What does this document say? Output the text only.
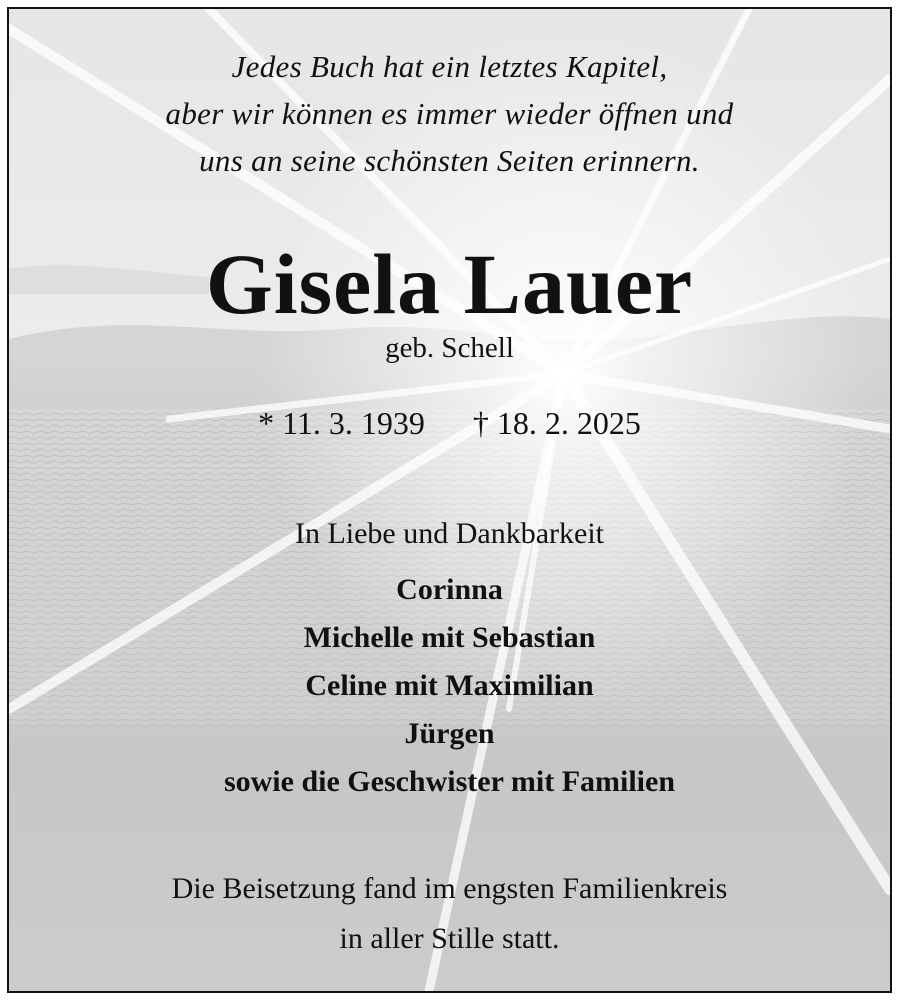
Jedes Buch hat ein letztes Kapitel,
aber wir können es immer wieder öffnen und
uns an seine schönsten Seiten erinnern.
Gisela Lauer
geb. Schell
* 11. 3. 1939 † 18. 2. 2025
In Liebe und Dankbarkeit
Corinna
Michelle mit Sebastian
Celine mit Maximilian
Jürgen
sowie die Geschwister mit Familien
Die Beisetzung fand im engsten Familienkreis
in aller Stille statt.
